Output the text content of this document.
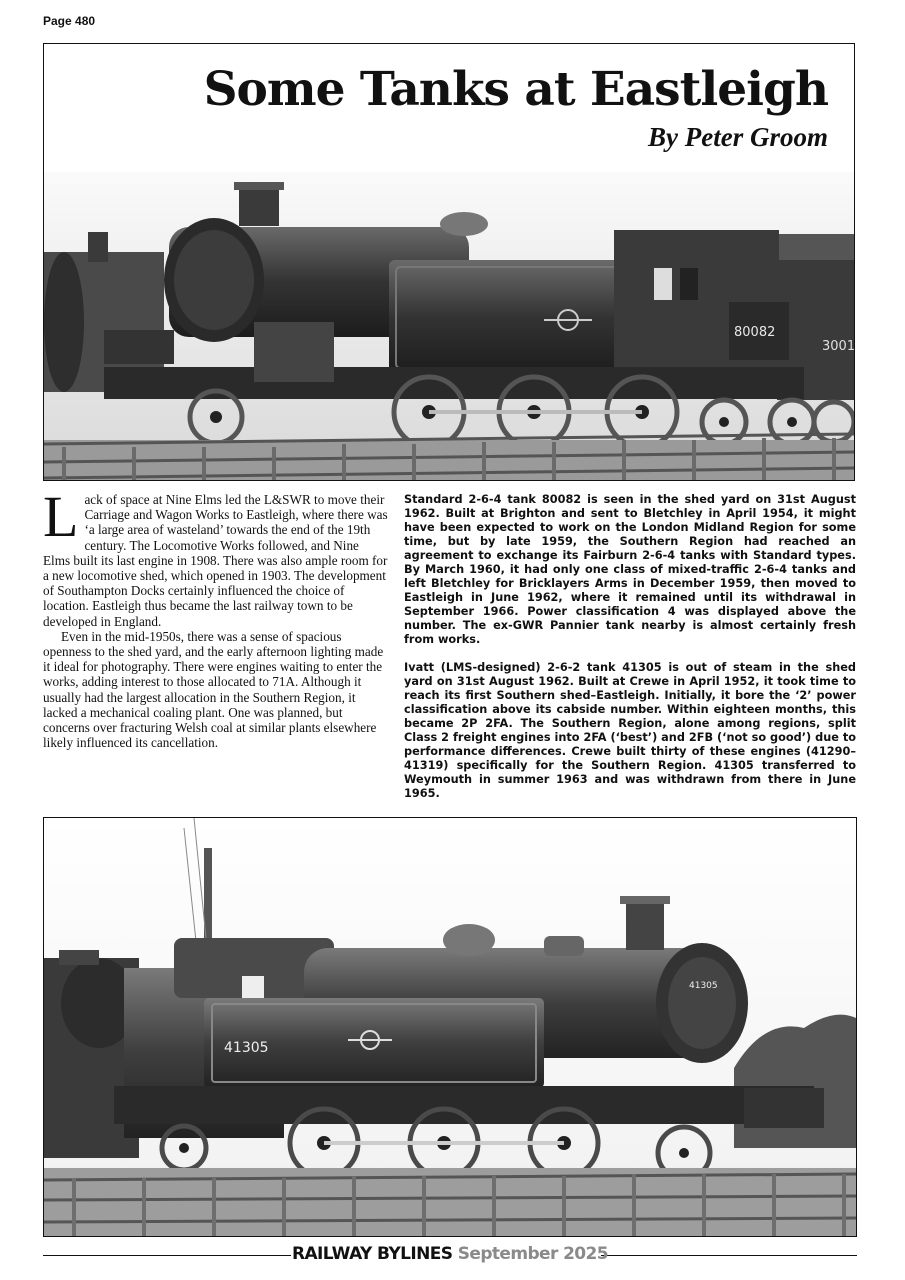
Page 480
Some Tanks at Eastleigh
By Peter Groom
80082
3001

Lack of space at Nine Elms led the L&SWR to move their Carriage and Wagon Works to Eastleigh, where there was ‘a large area of wasteland’ towards the end of the 19th century. The Locomotive Works followed, and Nine Elms built its last engine in 1908. There was also ample room for a new locomotive shed, which opened in 1903. The development of Southampton Docks certainly influenced the choice of location. Eastleigh thus became the last railway town to be developed in England.

Even in the mid-1950s, there was a sense of spacious openness to the shed yard, and the early afternoon lighting made it ideal for photography. There were engines waiting to enter the works, adding interest to those allocated to 71A. Although it usually had the largest allocation in the Southern Region, it lacked a mechanical coaling plant. One was planned, but concerns over fracturing Welsh coal at similar plants elsewhere likely influenced its cancellation.

Standard 2-6-4 tank 80082 is seen in the shed yard on 31st August 1962. Built at Brighton and sent to Bletchley in April 1954, it might have been expected to work on the London Midland Region for some time, but by late 1959, the Southern Region had reached an agreement to exchange its Fairburn 2-6-4 tanks with Standard types. By March 1960, it had only one class of mixed-traffic 2-6-4 tanks and left Bletchley for Bricklayers Arms in December 1959, then moved to Eastleigh in June 1962, where it remained until its withdrawal in September 1966. Power classification 4 was displayed above the number. The ex-GWR Pannier tank nearby is almost certainly fresh from works.

Ivatt (LMS-designed) 2-6-2 tank 41305 is out of steam in the shed yard on 31st August 1962. Built at Crewe in April 1952, it took time to reach its first Southern shed–Eastleigh. Initially, it bore the ‘2’ power classification above its cabside number. Within eighteen months, this became 2P 2FA. The Southern Region, alone among regions, split Class 2 freight engines into 2FA (‘best’) and 2FB (‘not so good’) due to performance differences. Crewe built thirty of these engines (41290–41319) specifically for the Southern Region. 41305 transferred to Weymouth in summer 1963 and was withdrawn from there in June 1965.

41305
41305
RAILWAY BYLINES September 2025
